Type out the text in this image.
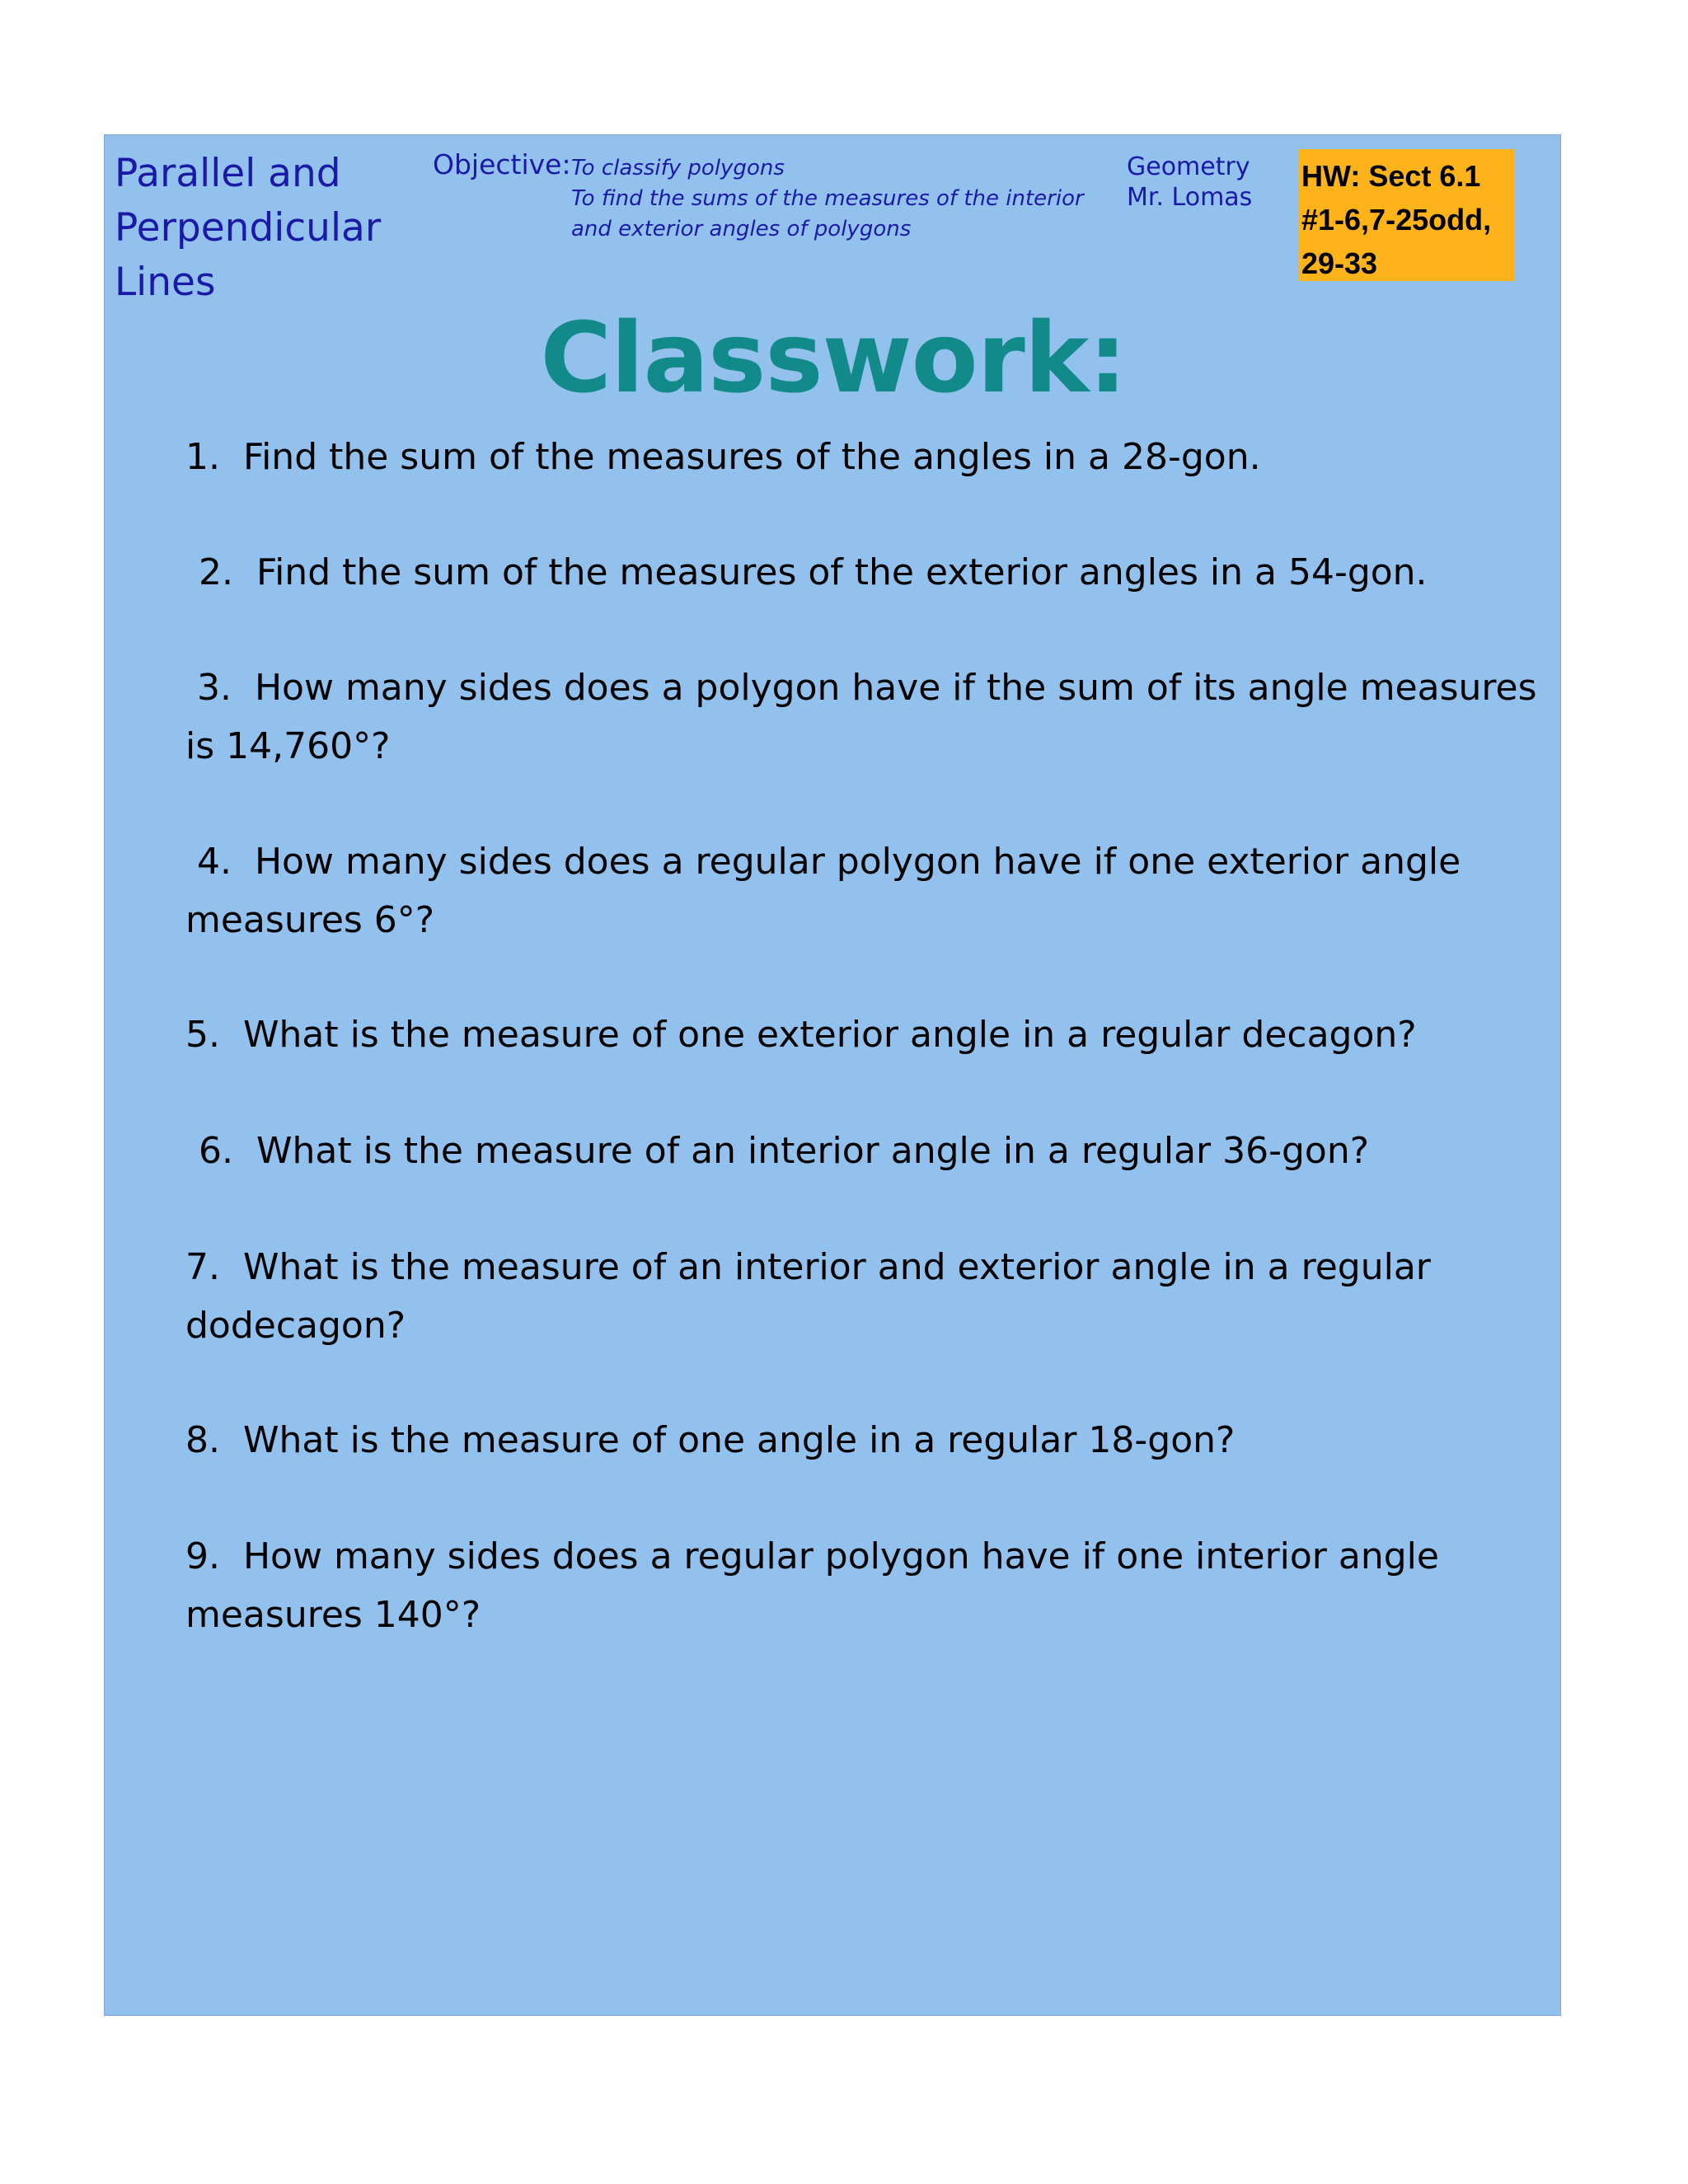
Parallel and
Perpendicular
Lines
Objective: To classify polygons
To find the sums of the measures of the interior
and exterior angles of polygons
Geometry
Mr. Lomas
HW: Sect 6.1
#1-6,7-25odd,
29-33
Classwork:
1. Find the sum of the measures of the angles in a 28-gon.
2. Find the sum of the measures of the exterior angles in a 54-gon.
3. How many sides does a polygon have if the sum of its angle measures is 14,760°?
4. How many sides does a regular polygon have if one exterior angle measures 6°?
5. What is the measure of one exterior angle in a regular decagon?
6. What is the measure of an interior angle in a regular 36-gon?
7. What is the measure of an interior and exterior angle in a regular dodecagon?
8. What is the measure of one angle in a regular 18-gon?
9. How many sides does a regular polygon have if one interior angle measures 140°?
